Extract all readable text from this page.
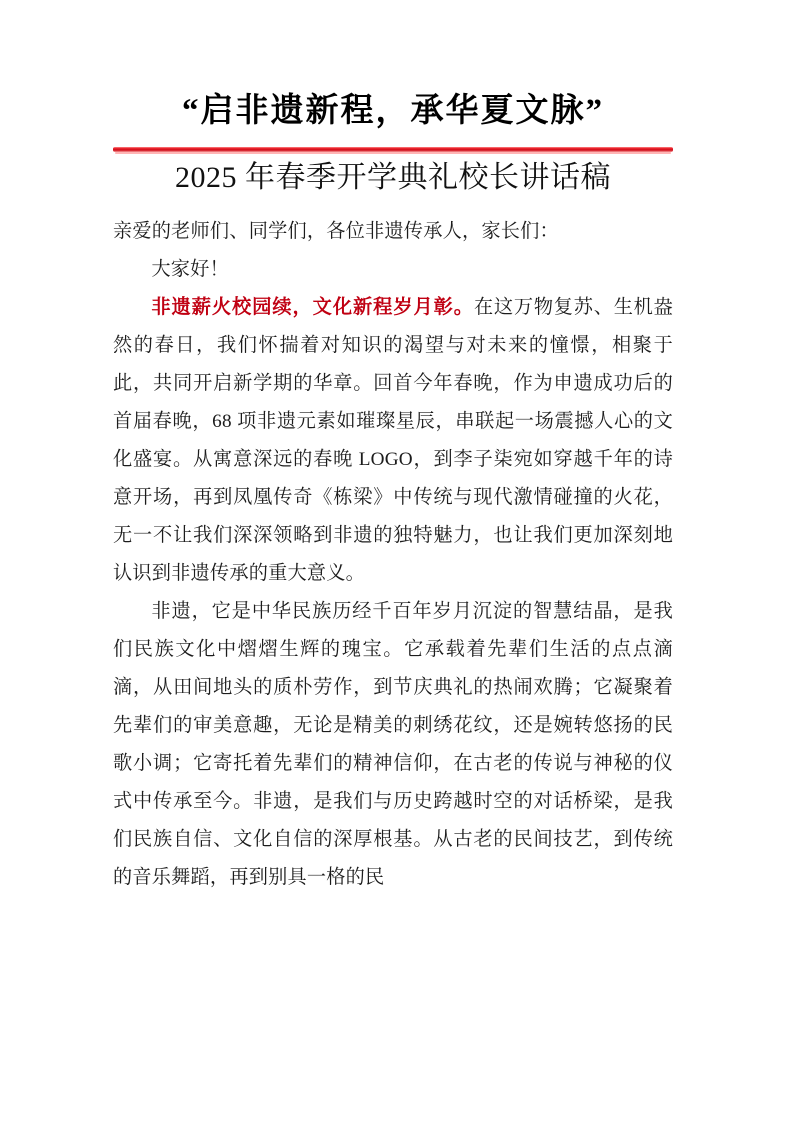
“启非遗新程，承华夏文脉”
2025 年春季开学典礼校长讲话稿

亲爱的老师们、同学们，各位非遗传承人，家长们：

大家好！

非遗薪火校园续，文化新程岁月彰。在这万物复苏、生机盎然的春日，我们怀揣着对知识的渴望与对未来的憧憬，相聚于此，共同开启新学期的华章。回首今年春晚，作为申遗成功后的首届春晚，68 项非遗元素如璀璨星辰，串联起一场震撼人心的文化盛宴。从寓意深远的春晚 LOGO，到李子柒宛如穿越千年的诗意开场，再到凤凰传奇《栋梁》中传统与现代激情碰撞的火花，无一不让我们深深领略到非遗的独特魅力，也让我们更加深刻地认识到非遗传承的重大意义。

非遗，它是中华民族历经千百年岁月沉淀的智慧结晶，是我们民族文化中熠熠生辉的瑰宝。它承载着先辈们生活的点点滴滴，从田间地头的质朴劳作，到节庆典礼的热闹欢腾；它凝聚着先辈们的审美意趣，无论是精美的刺绣花纹，还是婉转悠扬的民歌小调；它寄托着先辈们的精神信仰，在古老的传说与神秘的仪式中传承至今。非遗，是我们与历史跨越时空的对话桥梁，是我们民族自信、文化自信的深厚根基。从古老的民间技艺，到传统的音乐舞蹈，再到别具一格的民
